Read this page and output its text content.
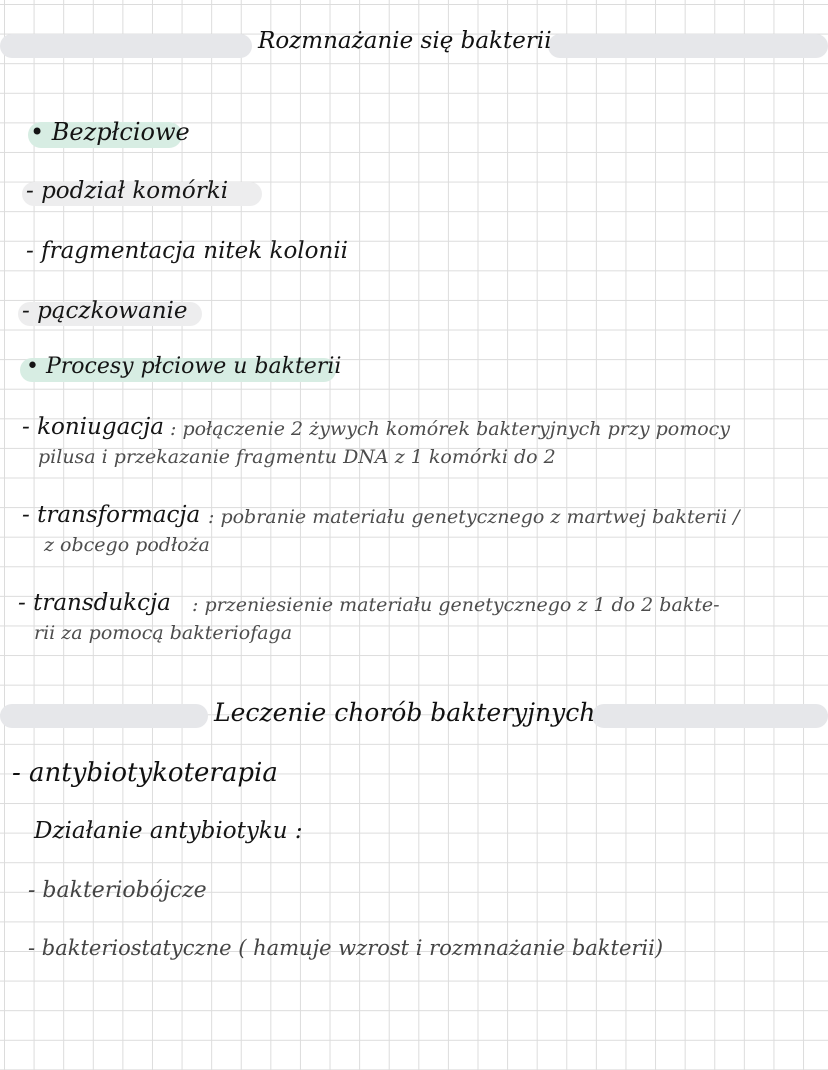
Rozmnażanie się bakterii
• Bezpłciowe
- podział komórki
- fragmentacja nitek kolonii
- pączkowanie
• Procesy płciowe u bakterii
- koniugacja : połączenie 2 żywych komórek bakteryjnych przy pomocy
pilusa i przekazanie fragmentu DNA z 1 komórki do 2
- transformacja : pobranie materiału genetycznego z martwej bakterii /
z obcego podłoża
- transdukcja : przeniesienie materiału genetycznego z 1 do 2 bakte-
rii za pomocą bakteriofaga
Leczenie chorób bakteryjnych
- antybiotykoterapia
Działanie antybiotyku :
- bakteriobójcze
- bakteriostatyczne ( hamuje wzrost i rozmnażanie bakterii)
